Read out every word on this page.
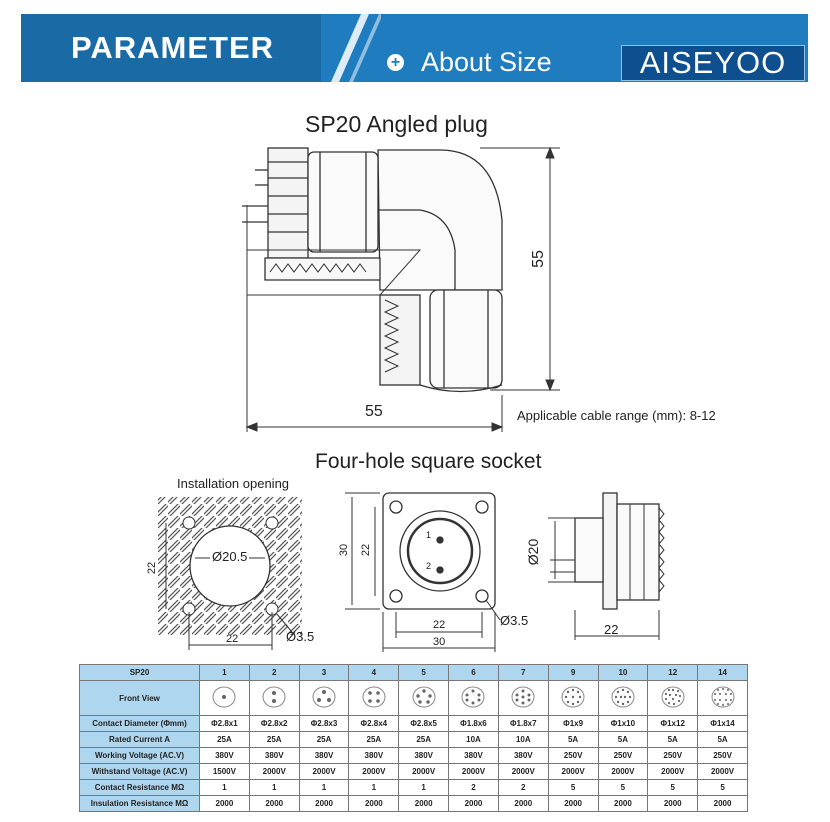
PARAMETER	+ About Size	AISEYOO
SP20 Angled plug
55
55	Applicable cable range (mm): 8-12
Four-hole square socket
Installation opening
Ø20.5
22
22	Ø3.5
30 22
1
2
22
30
Ø3.5
Ø20
22
SP20	1	2	3	4	5	6	7	9	10	12	14
Front View											
Contact Diameter (Φmm)	Φ2.8x1	Φ2.8x2	Φ2.8x3	Φ2.8x4	Φ2.8x5	Φ1.8x6	Φ1.8x7	Φ1x9	Φ1x10	Φ1x12	Φ1x14
Rated Current A	25A	25A	25A	25A	25A	10A	10A	5A	5A	5A	5A
Working Voltage (AC.V)	380V	380V	380V	380V	380V	380V	380V	250V	250V	250V	250V
Withstand Voltage (AC.V)	1500V	2000V	2000V	2000V	2000V	2000V	2000V	2000V	2000V	2000V	2000V
Contact Resistance MΩ	1	1	1	1	1	2	2	5	5	5	5
Insulation Resistance MΩ	2000	2000	2000	2000	2000	2000	2000	2000	2000	2000	2000
